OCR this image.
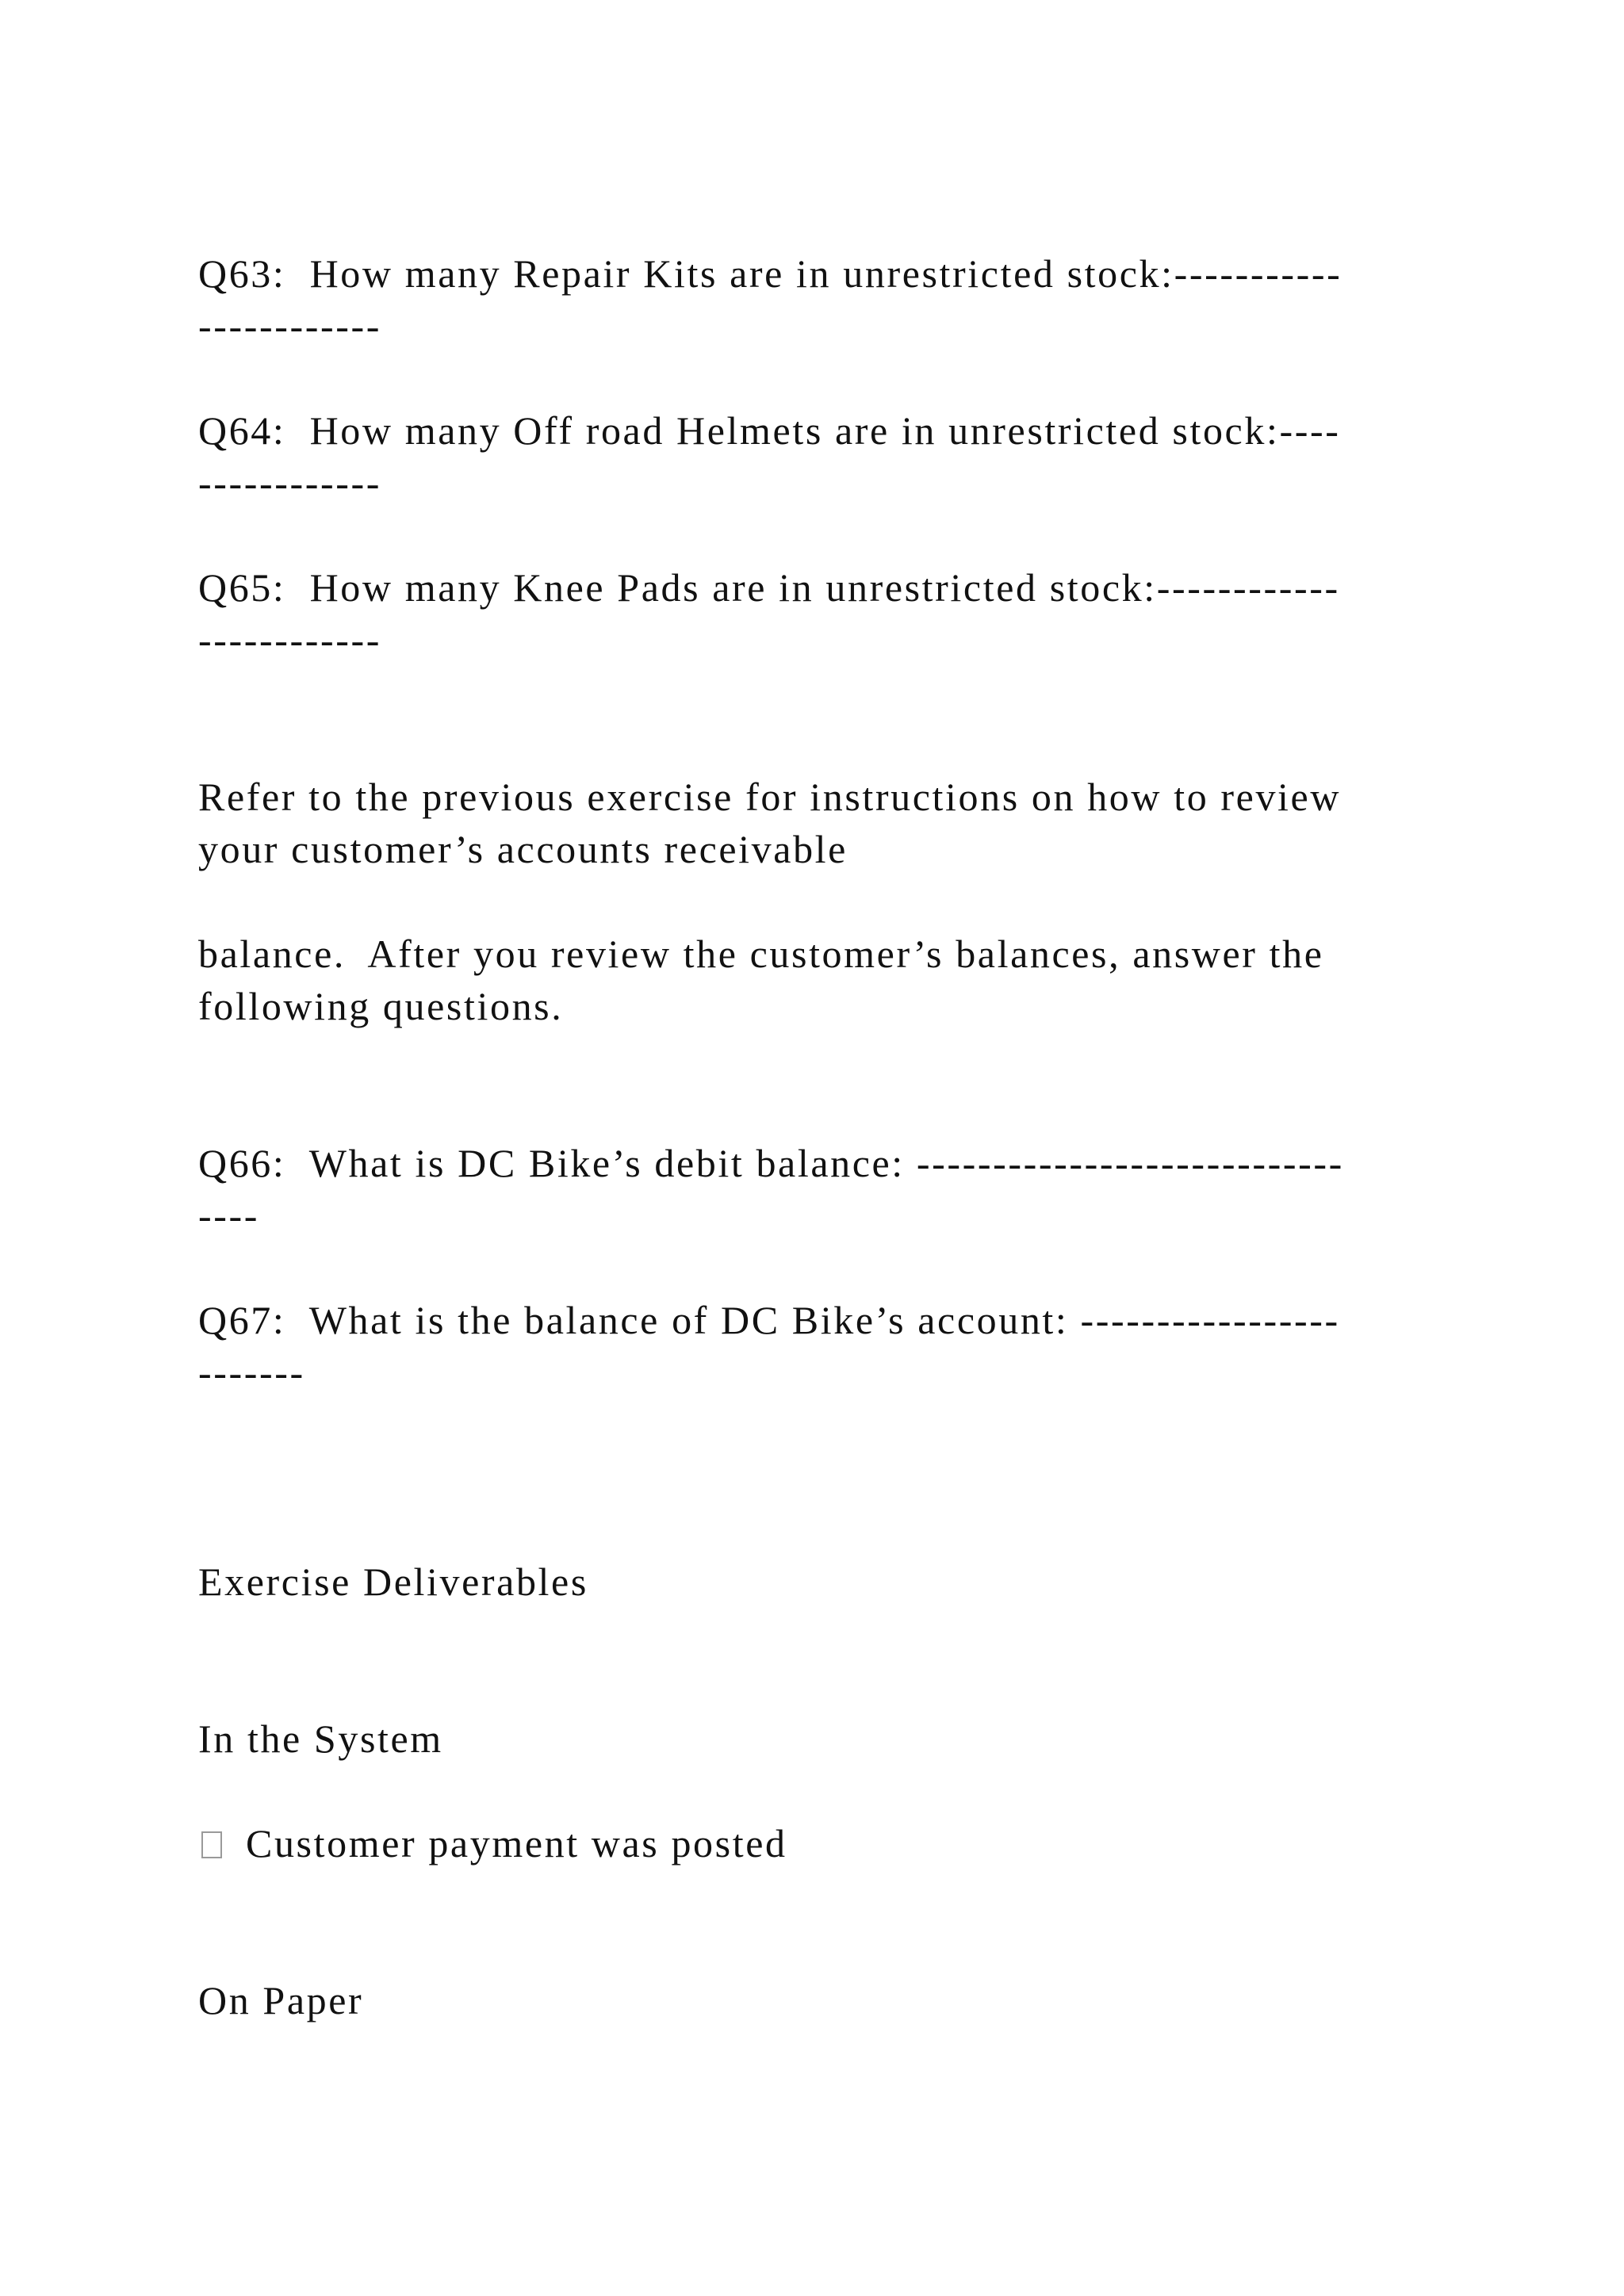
Q63:  How many Repair Kits are in unrestricted stock:-----------
------------
Q64:  How many Off road Helmets are in unrestricted stock:----
------------
Q65:  How many Knee Pads are in unrestricted stock:------------
------------
Refer to the previous exercise for instructions on how to review
your customer’s accounts receivable
balance.  After you review the customer’s balances, answer the
following questions.
Q66:  What is DC Bike’s debit balance: ----------------------------
----
Q67:  What is the balance of DC Bike’s account: -----------------
-------
Exercise Deliverables
In the System
Customer payment was posted
On Paper
